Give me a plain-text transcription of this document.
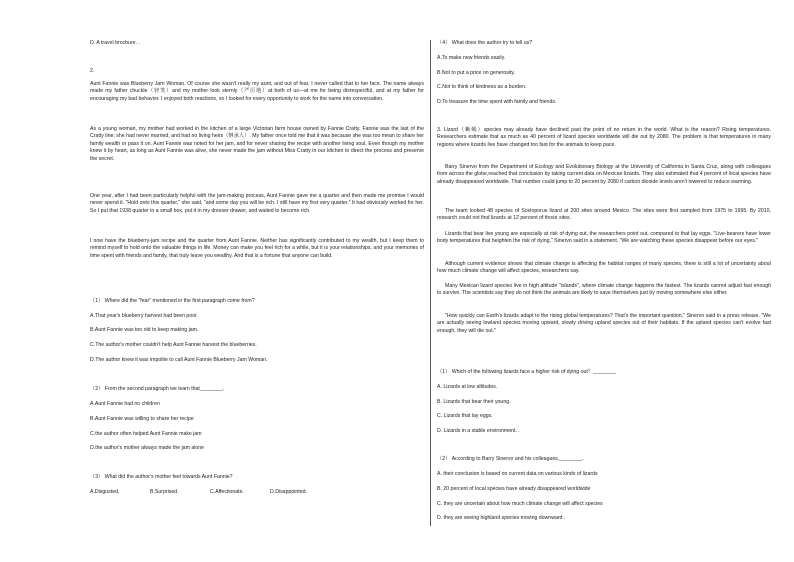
D. A travel brochure. .
2.
Aunt Fannie was Blueberry Jam Woman. Of course she wasn't really my aunt, and out of fear, I never called that to her face. The name always made my father chuckle（轻笑）and my mother look sternly（严厉地）at both of us—at me for being disrespectful, and at my father for encouraging my bad behavior. I enjoyed both reactions, so I looked for every opportunity to work for the name into conversation.
As a young woman, my mother had worked in the kitchen of a large Victorian farm house owned by Fannie Cratty. Fannie was the last of the Cratty line; she had never married, and had no living heirs（继承人）. My father once told me that it was because she was too mean to share her family wealth or pass it on. Aunt Fannie was noted for her jam, and for never sharing the recipe with another living soul. Even though my mother knew it by heart, as long as Aunt Fannie was alive, she never made the jam without Miss Cratty in our kitchen to direct the process and preserve the secret.
One year, after I had been particularly helpful with the jam-making process, Aunt Fannie gave me a quarter and then made me promise I would never spend it. "Hold onto this quarter," she said, "and some day you will be rich. I still have my first very quarter." It had obviously worked for her. So I put that 1938 quarter in a small box, put it in my dresser drawer, and waited to become rich.
I now have the blueberry-jam recipe and the quarter from Aunt Fannie. Neither has significantly contributed to my wealth, but I keep them to remind myself to hold onto the valuable things in life. Money can make you feel rich for a while, but it is your relationships, and your memories of time spent with friends and family, that truly leave you wealthy. And that is a fortune that anyone can build.
（1） Where did the "fear" mentioned in the first paragraph come from?
A.That year's blueberry harvest had been poor.
B.Aunt Fannie was too old to keep making jam.
C.The author's mother couldn't help Aunt Fannie harvest the blueberries.
D.The author knew it was impolite to call Aunt Fannie Blueberry Jam Woman.
（2） From the second paragraph we learn that________.
A.Aunt Fannie had no children
B.Aunt Fannie was willing to share her recipe
C.the author often helped Aunt Fannie make jam
D.the author's mother always made the jam alone
（3） What did the author's mother feel towards Aunt Fannie?
A.Disgusted.	B.Surprised.	C.Affectionate.	D.Disappointed.
（4） What does the author try to tell us?
A.To make new friends easily.
B.Not to put a price on generosity.
C.Not to think of kindness as a burden.
D.To treasure the time spent with family and friends.
3. Lizard（蜥蜴）species may already have declined past the point of no return in the world. What is the reason? Rising temperatures. Researchers estimate that as much as 40 percent of lizard species worldwide will die out by 2080. The problem is that temperatures in many regions where lizards live have changed too fast for the animals to keep pace.
Barry Sinervo from the Department of Ecology and Evolutionary Biology at the University of California in Santa Cruz, along with colleagues from across the globe,reached that conclusion by taking current data on Mexican lizards. They also estimated that 4 percent of local species have already disappeared worldwide. That number could jump to 20 percent by 2080 if carbon dioxide levels aren't lowered to reduce warming.
The team looked 48 species of Sceloporus lizard at 200 sites around Mexico. The sites were first sampled from 1975 to 1995. By 2010, research could not find lizards at 12 percent of those sites.
Lizards that bear live young are especially at risk of dying out, the researchers point out, compared to that lay eggs. "Live-bearers have lower body temperatures that heighten the risk of dying," Sinervo said in a statement. "We are watching these species disappear before our eyes."
Although current evidence shows that climate change is affecting the habitat ranges of many species, there is still a lot of uncertainty about how much climate change will affect species, researchers say.
Many Mexican lizard species live in high altitude "islands", where climate change happens the fastest. The lizards cannot adjust fast enough to survive. The scientists say they do not think the animals are likely to save themselves just by moving somewhere else either.
"How quickly can Earth's lizards adapt to the rising global temperatures? That's the important question," Sinervo said in a press release. "We are actually seeing lowland species moving upward, slowly driving upland species out of their habitats. If the upland species can't evolve fast enough, they will die out."
（1） Which of the following lizards face a higher risk of dying out？________
A. Lizards at low altitudes.
B. Lizards that bear their young.
C. Lizards that lay eggs.
D. Lizards in a stable environment. .
（2） According to Barry Sinervo and his colleagues,________.
A. their conclusion is based on current data on various kinds of lizards
B. 20 percent of local species have already disappeared worldwide
C. they are uncertain about how much climate change will affect species
D. they are seeing highland species moving downward .
